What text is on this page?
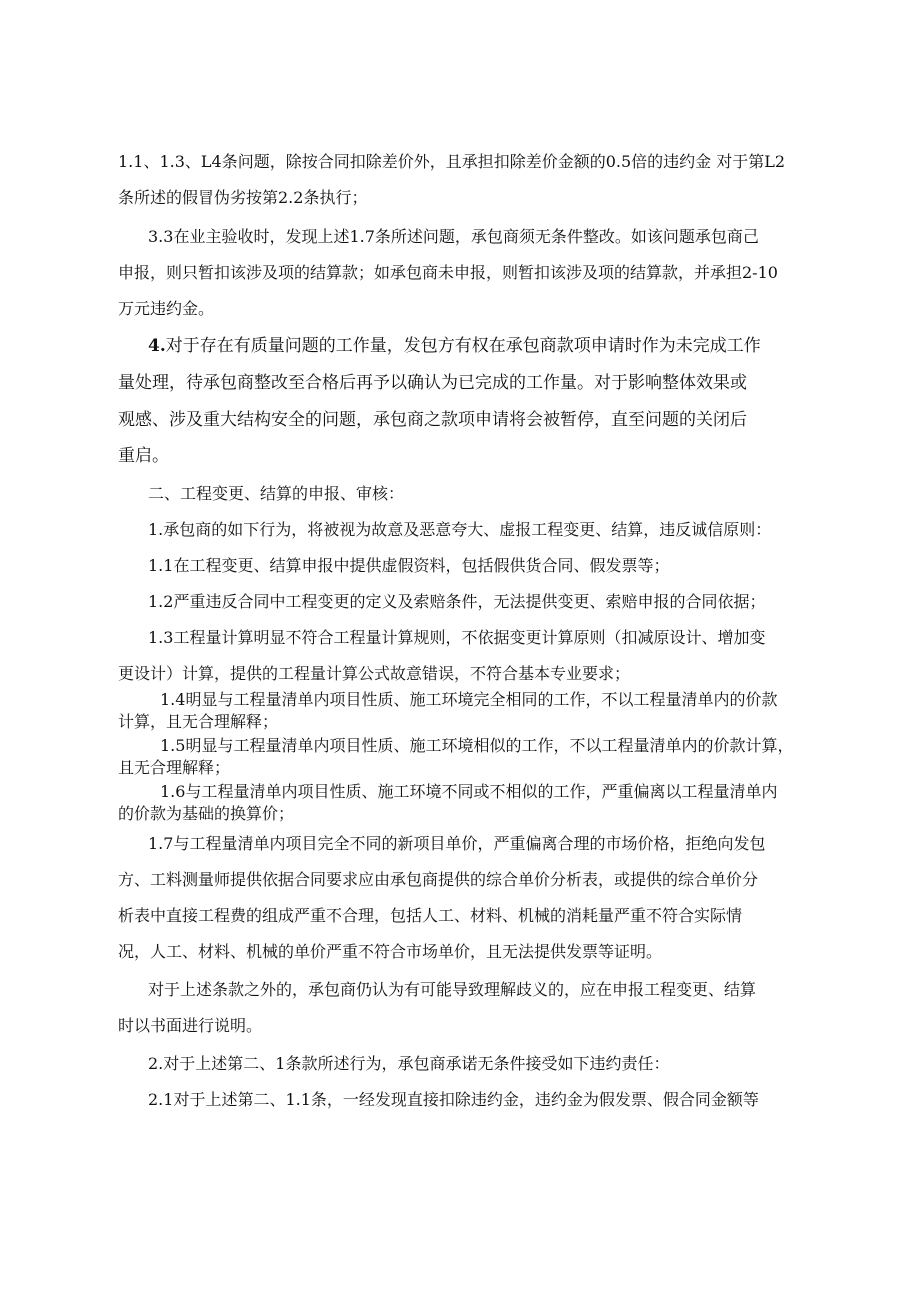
1.1、1.3、L4条问题，除按合同扣除差价外，且承担扣除差价金额的0.5倍的违约金 对于第L2
条所述的假冒伪劣按第2.2条执行；
3.3在业主验收时，发现上述1.7条所述问题，承包商须无条件整改。如该问题承包商己
申报，则只暂扣该涉及项的结算款；如承包商未申报，则暂扣该涉及项的结算款，并承担2-10
万元违约金。
4.对于存在有质量问题的工作量，发包方有权在承包商款项申请时作为未完成工作
量处理，待承包商整改至合格后再予以确认为已完成的工作量。对于影响整体效果或
观感、涉及重大结构安全的问题，承包商之款项申请将会被暂停，直至问题的关闭后
重启。
二、工程变更、结算的申报、审核：
1.承包商的如下行为，将被视为故意及恶意夸大、虚报工程变更、结算，违反诚信原则：
1.1在工程变更、结算申报中提供虚假资料，包括假供货合同、假发票等；
1.2严重违反合同中工程变更的定义及索赔条件，无法提供变更、索赔申报的合同依据；
1.3工程量计算明显不符合工程量计算规则，不依据变更计算原则（扣减原设计、增加变
更设计）计算，提供的工程量计算公式故意错误，不符合基本专业要求；
1.4明显与工程量清单内项目性质、施工环境完全相同的工作，不以工程量清单内的价款
计算，且无合理解释；
1.5明显与工程量清单内项目性质、施工环境相似的工作，不以工程量清单内的价款计算，
且无合理解释；
1.6与工程量清单内项目性质、施工环境不同或不相似的工作，严重偏离以工程量清单内
的价款为基础的换算价；
1.7与工程量清单内项目完全不同的新项目单价，严重偏离合理的市场价格，拒绝向发包
方、工料测量师提供依据合同要求应由承包商提供的综合单价分析表，或提供的综合单价分
析表中直接工程费的组成严重不合理，包括人工、材料、机械的消耗量严重不符合实际情
况，人工、材料、机械的单价严重不符合市场单价，且无法提供发票等证明。
对于上述条款之外的，承包商仍认为有可能导致理解歧义的，应在申报工程变更、结算
时以书面进行说明。
2.对于上述第二、1条款所述行为，承包商承诺无条件接受如下违约责任：
2.1对于上述第二、1.1条，一经发现直接扣除违约金，违约金为假发票、假合同金额等
